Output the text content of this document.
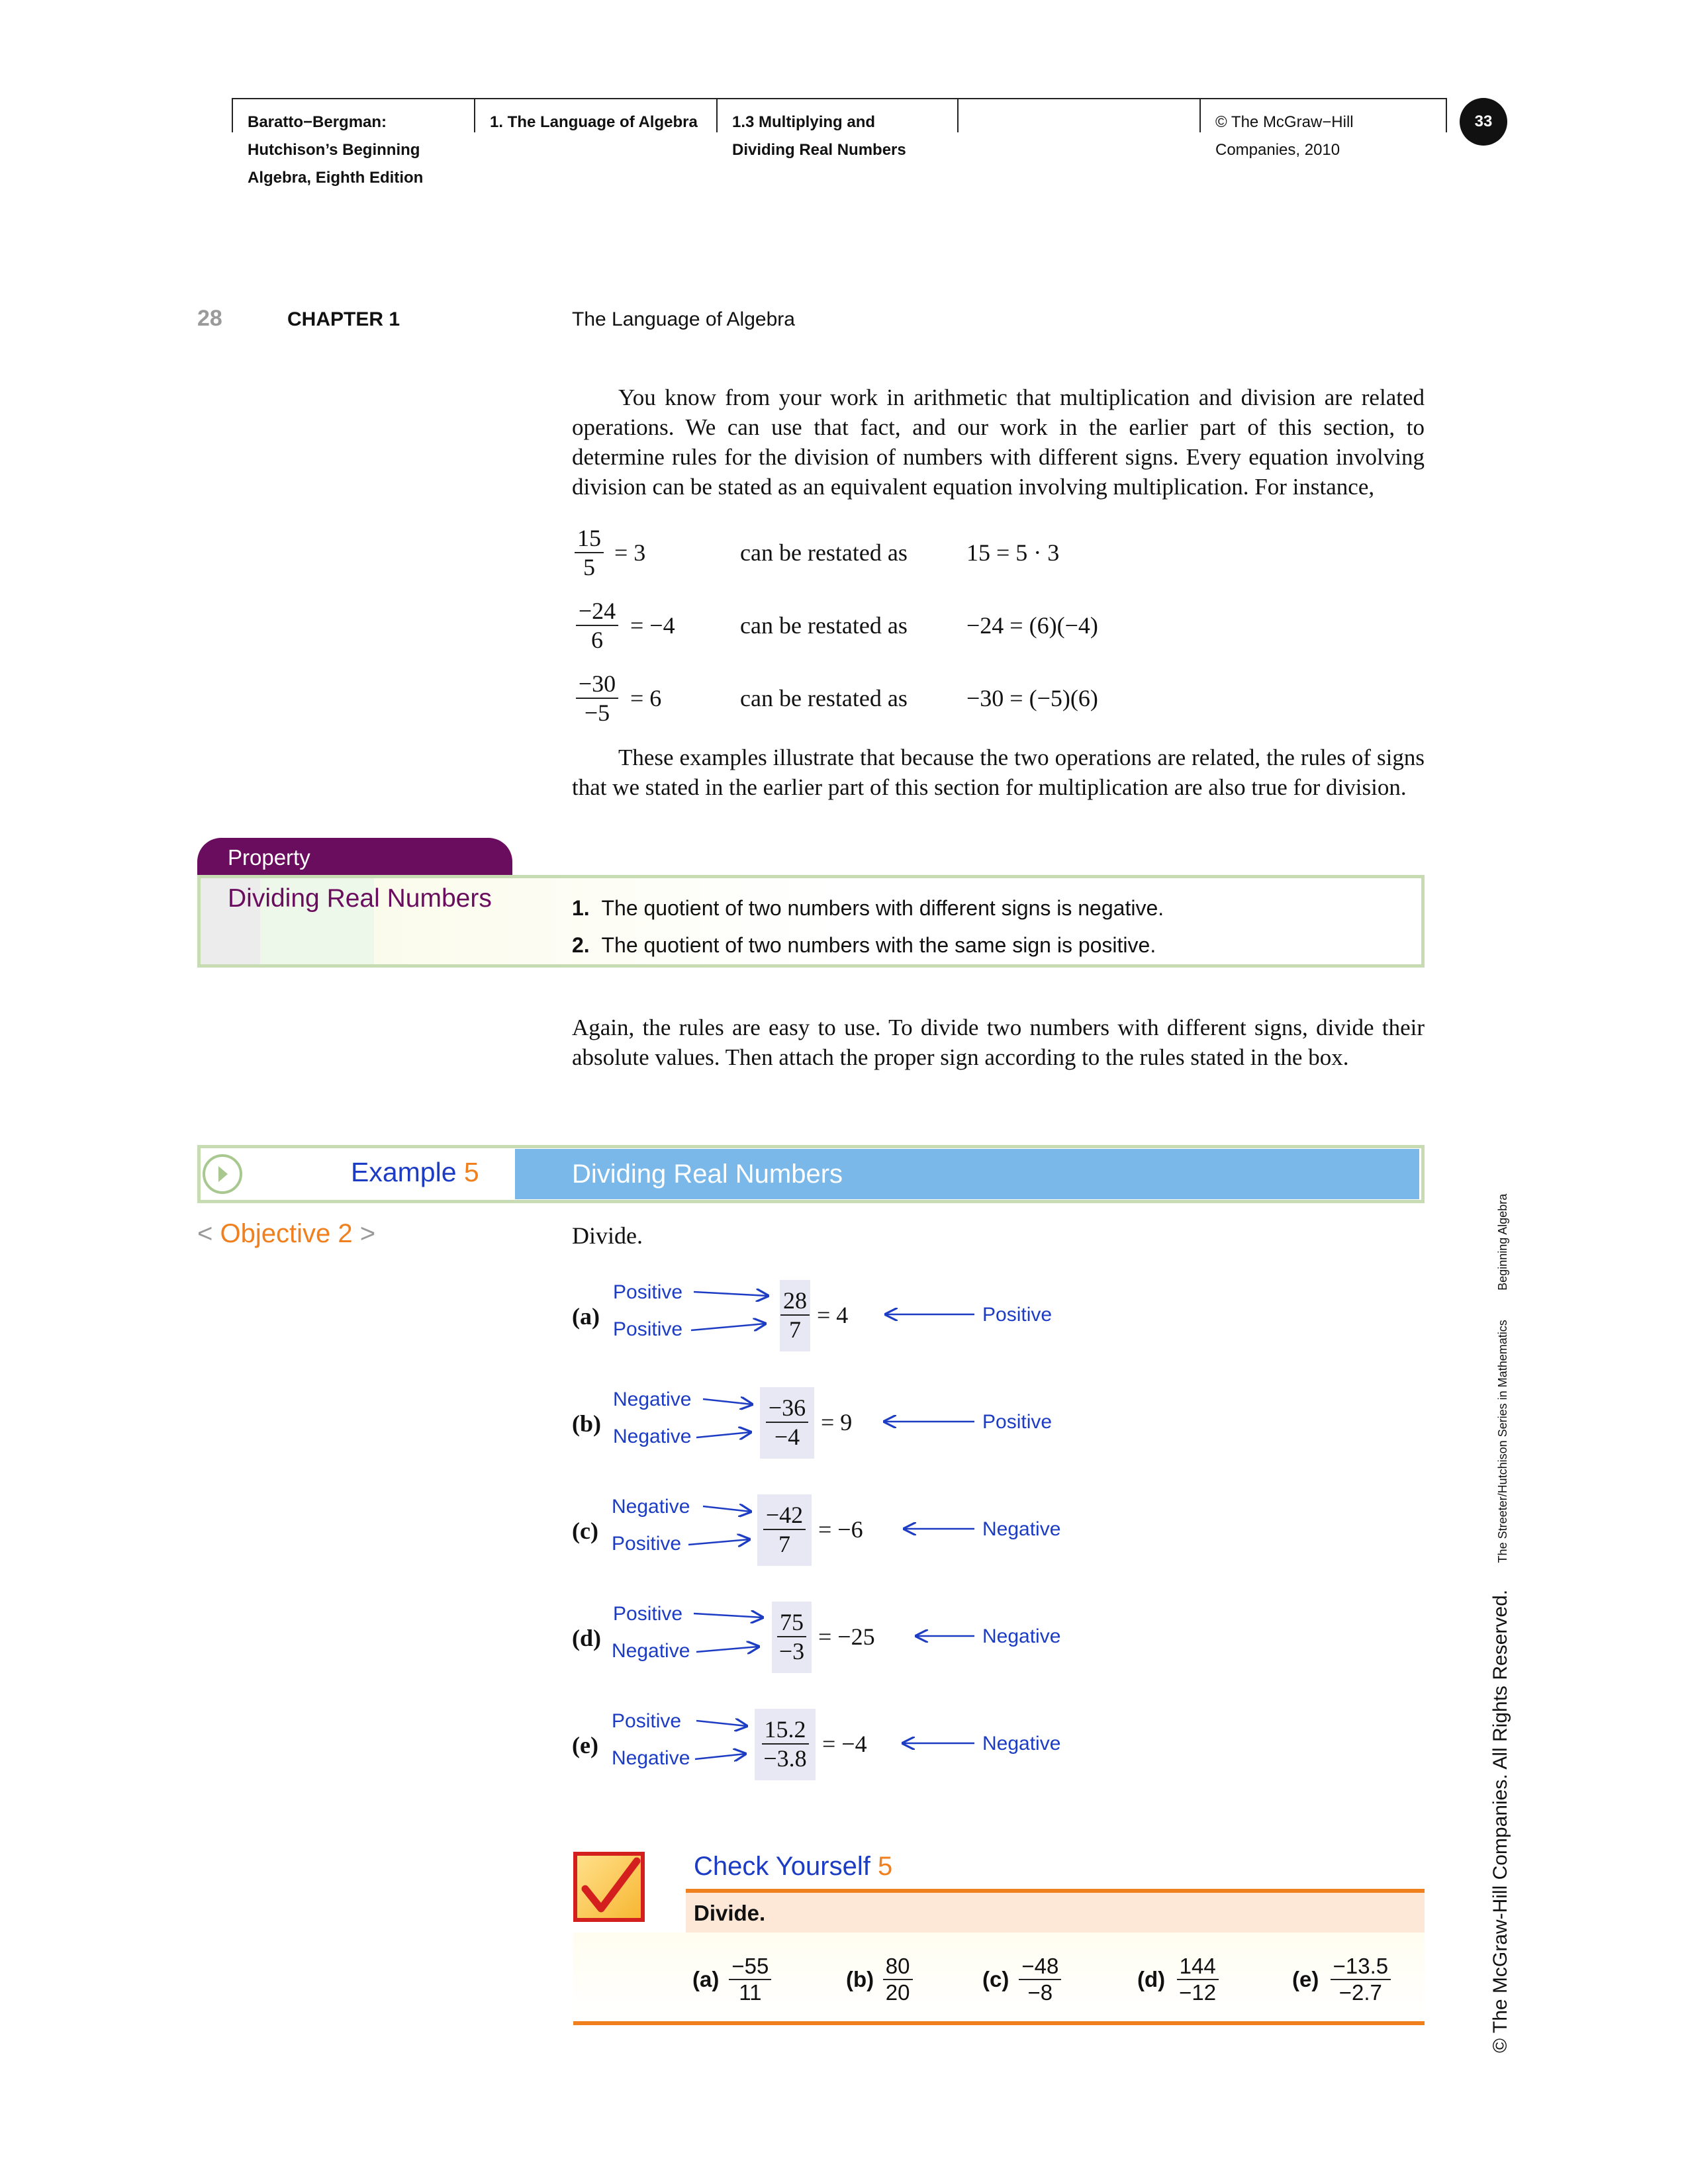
Baratto−Bergman:
Hutchison’s Beginning
Algebra, Eighth Edition
1. The Language of Algebra 1.3 Multiplying and
Dividing Real Numbers
© The McGraw−Hill
Companies, 2010
33
28	CHAPTER 1	The Language of Algebra
You know from your work in arithmetic that multiplication and division are related operations. We can use that fact, and our work in the earlier part of this section, to determine rules for the division of numbers with different signs. Every equation involving division can be stated as an equivalent equation involving multiplication. For instance,
$\frac{15}{5} = 3$	can be restated as 15 = 5 · 3
$\frac{-24}{6} = -4$	can be restated as −24 = (6)(−4)
$\frac{-30}{-5} = 6$	can be restated as −30 = (−5)(6)
These examples illustrate that because the two operations are related, the rules of signs that we stated in the earlier part of this section for multiplication are also true for division.
Property
Dividing Real Numbers	1. The quotient of two numbers with different signs is negative.
2. The quotient of two numbers with the same sign is positive.
Again, the rules are easy to use. To divide two numbers with different signs, divide their absolute values. Then attach the proper sign according to the rules stated in the box.
Example 5	Dividing Real Numbers
< Objective 2 >	Divide.
(a)
Positive
Positive	$\frac{28}{7} = 4$	Positive
(b)
Negative
Negative	$\frac{-36}{-4} = 9$	Positive
(c)
Negative
Positive	$\frac{-42}{7} = -6$	Negative
(d)
Positive
Negative	$\frac{75}{-3} = -25$	Negative
(e)
Positive
Negative	$\frac{15.2}{-3.8} = -4$	Negative
Check Yourself 5
Divide.
$(a) \frac{-55}{11}$	$(b) \frac{80}{20}$	$(c) \frac{-48}{-8}$	$(d) \frac{144}{-12}$	$(e) \frac{-13.5}{-2.7}$	© The McGraw-Hill Companies. All Rights Reserved. The Streeter/Hutchison Series in Mathematics Beginning Algebra
